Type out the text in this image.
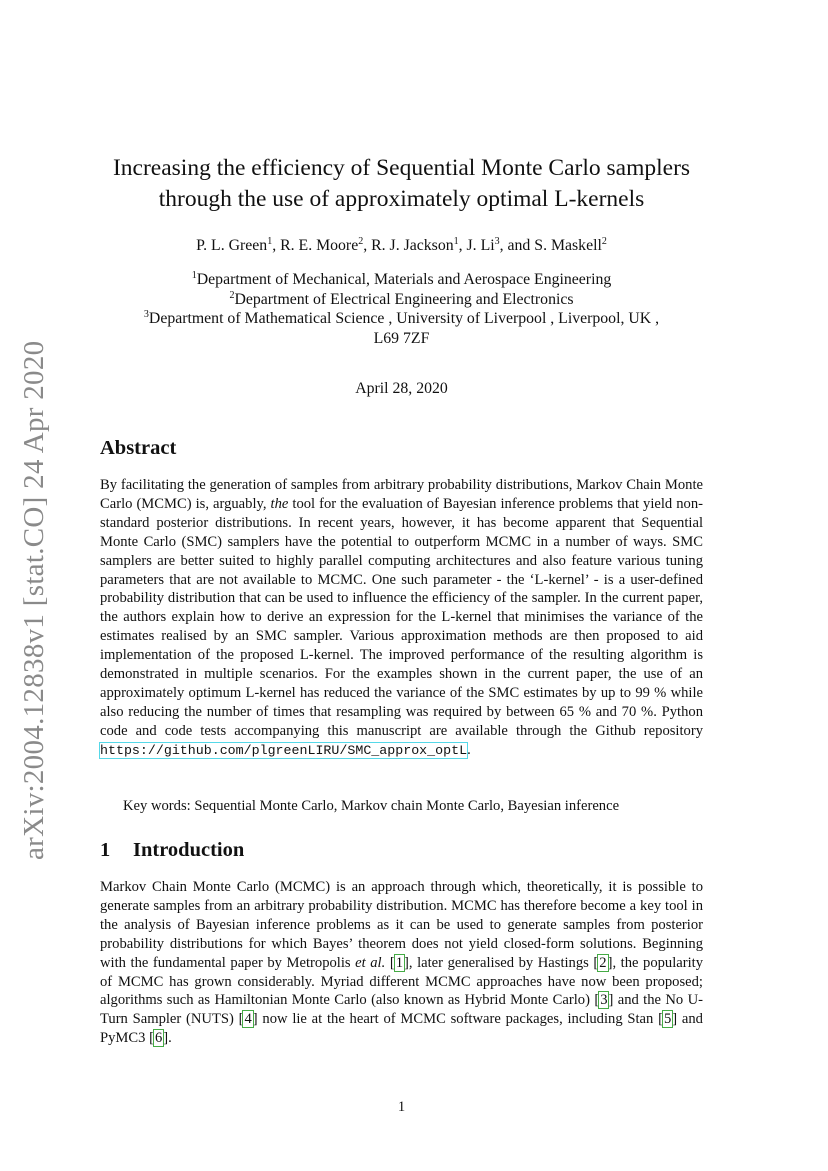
arXiv:2004.12838v1 [stat.CO] 24 Apr 2020
Increasing the efficiency of Sequential Monte Carlo samplers
through the use of approximately optimal L-kernels
P. L. Green$^1$, R. E. Moore$^2$, R. J. Jackson$^1$, J. Li$^3$, and S. Maskell$^2$
$^1$Department of Mechanical, Materials and Aerospace Engineering
$^2$Department of Electrical Engineering and Electronics
$^3$Department of Mathematical Science , University of Liverpool , Liverpool, UK ,
L69 7ZF
April 28, 2020
Abstract

By facilitating the generation of samples from arbitrary probability distributions, Markov Chain Monte Carlo (MCMC) is, arguably, the tool for the evaluation of Bayesian inference problems that yield non-standard posterior distributions. In recent years, however, it has become apparent that Sequential Monte Carlo (SMC) samplers have the potential to outperform MCMC in a number of ways. SMC samplers are better suited to highly parallel computing architectures and also feature various tuning parameters that are not available to MCMC. One such parameter - the ‘L-kernel’ - is a user-defined probability distribution that can be used to influence the efficiency of the sampler. In the current paper, the authors explain how to derive an expression for the L-kernel that minimises the variance of the estimates realised by an SMC sampler. Various approximation methods are then proposed to aid implementation of the proposed L-kernel. The improved performance of the resulting algorithm is demonstrated in multiple scenarios. For the examples shown in the current paper, the use of an approximately optimum L-kernel has reduced the variance of the SMC estimates by up to 99 % while also reducing the number of times that resampling was required by between 65 % and 70 %. Python code and code tests accompanying this manuscript are available through the Github repository https://github.com/plgreenLIRU/SMC_approx_optL.

Key words: Sequential Monte Carlo, Markov chain Monte Carlo, Bayesian inference

1 Introduction

Markov Chain Monte Carlo (MCMC) is an approach through which, theoretically, it is possible to generate samples from an arbitrary probability distribution. MCMC has therefore become a key tool in the analysis of Bayesian inference problems as it can be used to generate samples from posterior probability distributions for which Bayes’ theorem does not yield closed-form solutions. Beginning with the fundamental paper by Metropolis et al. [1], later generalised by Hastings [2], the popularity of MCMC has grown considerably. Myriad different MCMC approaches have now been proposed; algorithms such as Hamiltonian Monte Carlo (also known as Hybrid Monte Carlo) [3] and the No U-Turn Sampler (NUTS) [4] now lie at the heart of MCMC software packages, including Stan [5] and PyMC3 [6].

1
